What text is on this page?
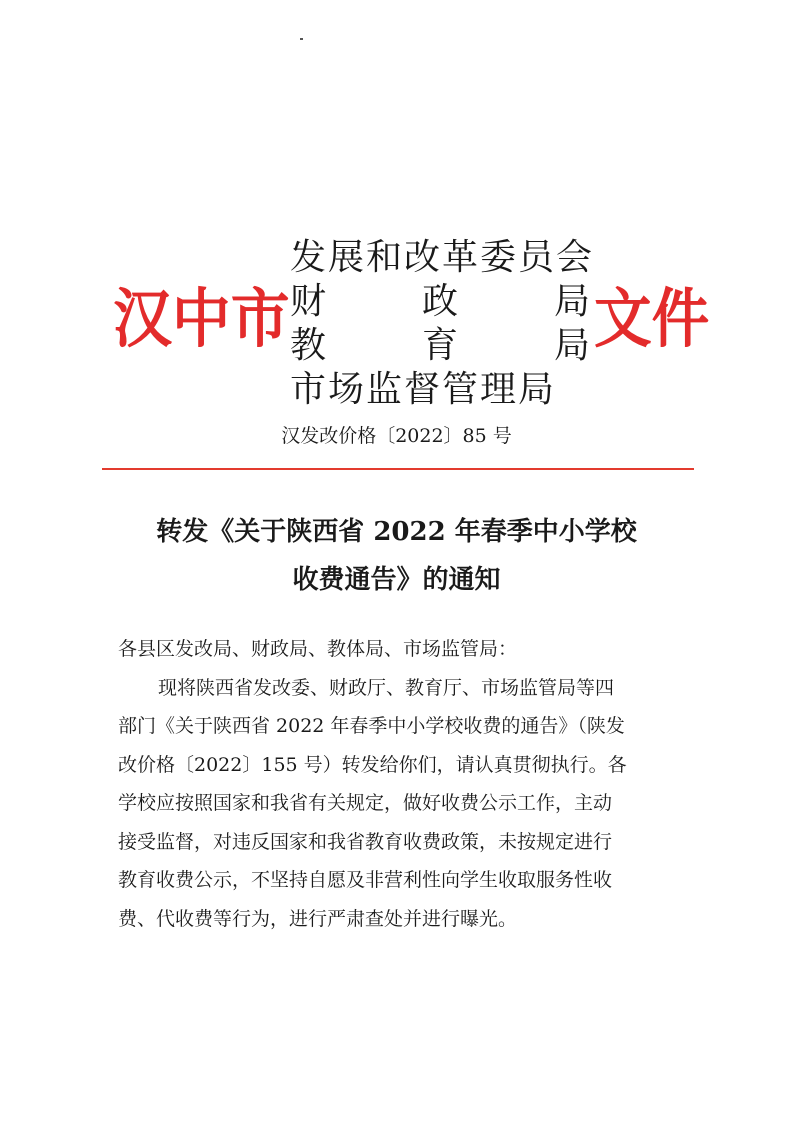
汉中市
发展和改革委员会
财	政	局
教	育	局
市场监督管理局
文件
汉发改价格〔2022〕85 号
转发《关于陕西省 2022 年春季中小学校
收费通告》的通知
各县区发改局、财政局、教体局、市场监管局：

现将陕西省发改委、财政厅、教育厅、市场监管局等四

部门《关于陕西省 2022 年春季中小学校收费的通告》（陕发

改价格〔2022〕155 号）转发给你们，请认真贯彻执行。各

学校应按照国家和我省有关规定，做好收费公示工作，主动

接受监督，对违反国家和我省教育收费政策，未按规定进行

教育收费公示，不坚持自愿及非营利性向学生收取服务性收

费、代收费等行为，进行严肃查处并进行曝光。
